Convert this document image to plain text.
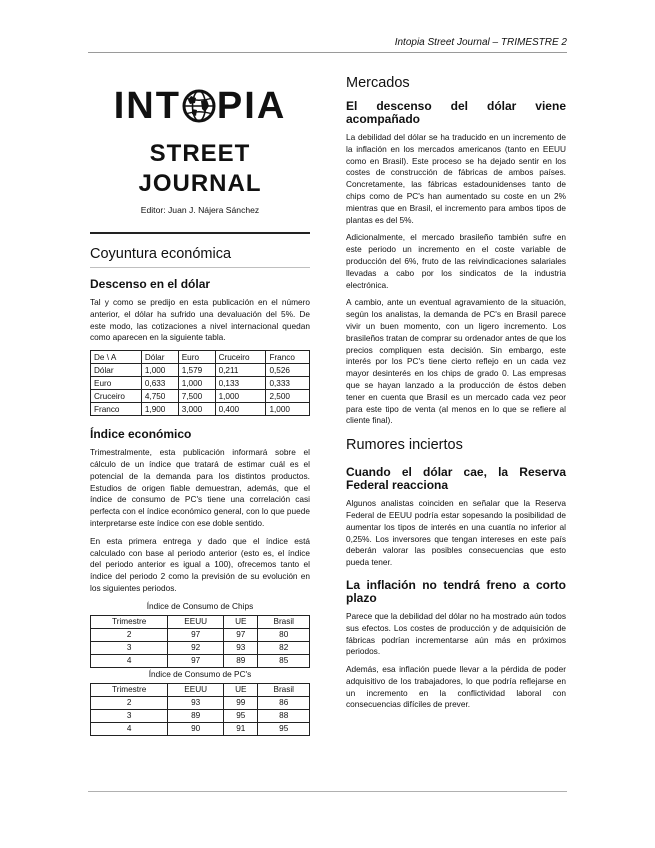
Intopia Street Journal – TRIMESTRE 2
INT PIA
STREET
JOURNAL
Editor: Juan J. Nájera Sánchez
Coyuntura económica
Descenso en el dólar

Tal y como se predijo en esta publicación en el número anterior, el dólar ha sufrido una devaluación del 5%. De este modo, las cotizaciones a nivel internacional quedan como aparecen en la siguiente tabla.

De \ A	Dólar	Euro	Cruceiro	Franco
Dólar	1,000	1,579	0,211	0,526
Euro	0,633	1,000	0,133	0,333
Cruceiro	4,750	7,500	1,000	2,500
Franco	1,900	3,000	0,400	1,000
Índice económico

Trimestralmente, esta publicación informará sobre el cálculo de un índice que tratará de estimar cuál es el potencial de la demanda para los distintos productos. Estudios de origen fiable demuestran, además, que el índice de consumo de PC's tiene una correlación casi perfecta con el índice económico general, con lo que puede interpretarse este índice con ese doble sentido.

En esta primera entrega y dado que el índice está calculado con base al periodo anterior (esto es, el índice del periodo anterior es igual a 100), ofrecemos tanto el índice del periodo 2 como la previsión de su evolución en los siguientes periodos.

Índice de Consumo de Chips
Trimestre	EEUU	UE	Brasil
2	97	97	80
3	92	93	82
4	97	89	85
Índice de Consumo de PC's
Trimestre	EEUU	UE	Brasil
2	93	99	86
3	89	95	88
4	90	91	95
Mercados
El descenso del dólar viene acompañado

La debilidad del dólar se ha traducido en un incremento de la inflación en los mercados americanos (tanto en EEUU como en Brasil). Este proceso se ha dejado sentir en los costes de construcción de fábricas de ambos países. Concretamente, las fábricas estadounidenses tanto de chips como de PC's han aumentado su coste en un 2% mientras que en Brasil, el incremento para ambos tipos de plantas es del 5%.

Adicionalmente, el mercado brasileño también sufre en este periodo un incremento en el coste variable de producción del 6%, fruto de las reivindicaciones salariales llevadas a cabo por los sindicatos de la industria electrónica.

A cambio, ante un eventual agravamiento de la situación, según los analistas, la demanda de PC's en Brasil parece vivir un buen momento, con un ligero incremento. Los brasileños tratan de comprar su ordenador antes de que los precios compliquen esta decisión. Sin embargo, este interés por los PC's tiene cierto reflejo en un cada vez mayor desinterés en los chips de grado 0. Las empresas que se hayan lanzado a la producción de éstos deben tener en cuenta que Brasil es un mercado cada vez peor para este tipo de venta (al menos en lo que se refiere al cliente final).

Rumores inciertos
Cuando el dólar cae, la Reserva Federal reacciona

Algunos analistas coinciden en señalar que la Reserva Federal de EEUU podría estar sopesando la posibilidad de aumentar los tipos de interés en una cuantía no inferior al 0,25%. Los inversores que tengan intereses en este país deberán valorar las posibles consecuencias que esto pueda tener.

La inflación no tendrá freno a corto plazo

Parece que la debilidad del dólar no ha mostrado aún todos sus efectos. Los costes de producción y de adquisición de fábricas podrían incrementarse aún más en próximos periodos.

Además, esa inflación puede llevar a la pérdida de poder adquisitivo de los trabajadores, lo que podría reflejarse en un incremento en la conflictividad laboral con consecuencias difíciles de prever.
